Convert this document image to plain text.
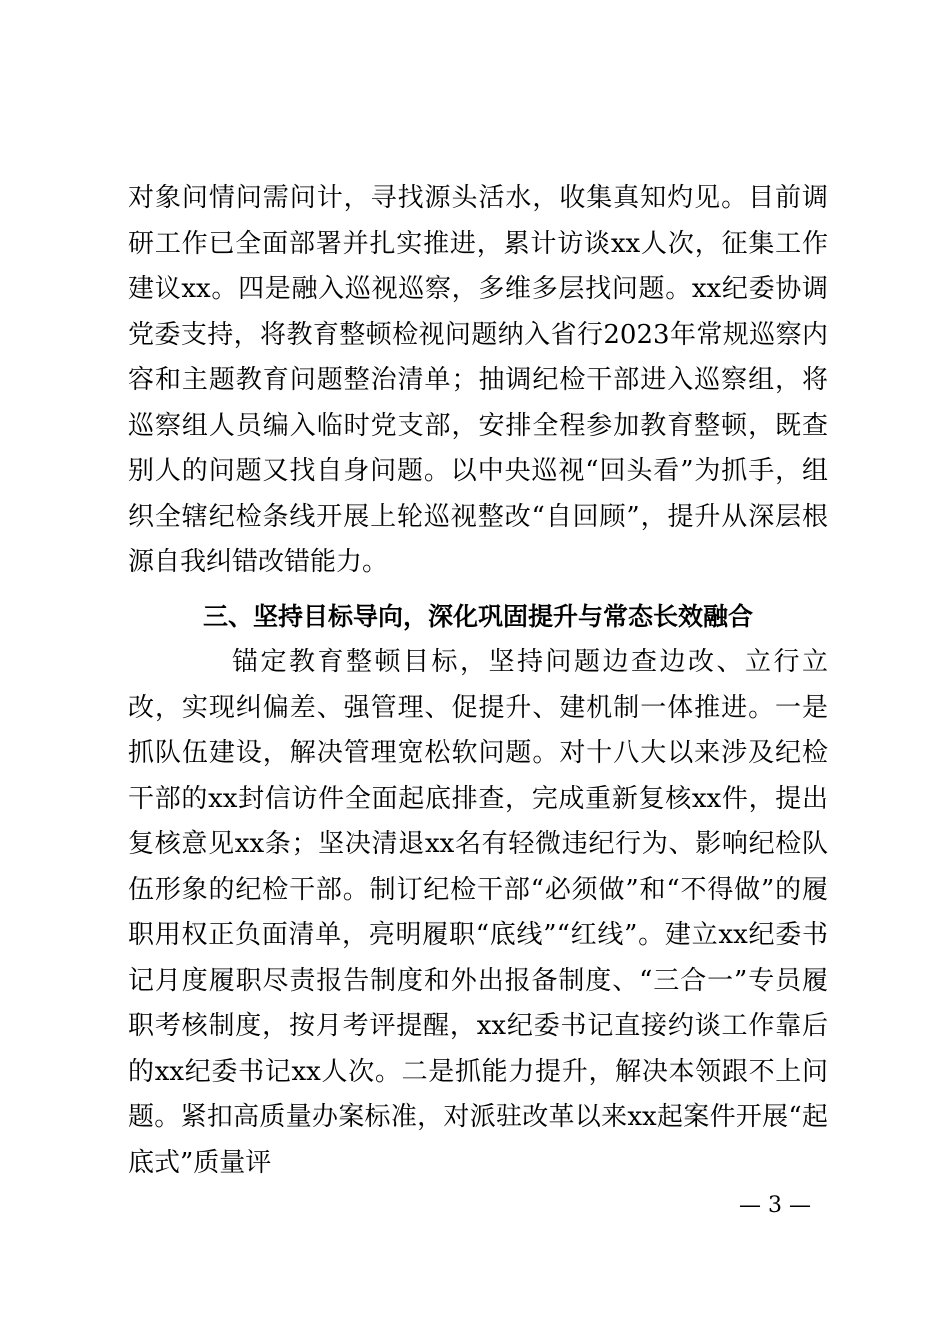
对象问情问需问计，寻找源头活水，收集真知灼见。目前调研工作已全面部署并扎实推进，累计访谈xx人次，征集工作建议xx。四是融入巡视巡察，多维多层找问题。xx纪委协调党委支持，将教育整顿检视问题纳入省行2023年常规巡察内容和主题教育问题整治清单；抽调纪检干部进入巡察组，将巡察组人员编入临时党支部，安排全程参加教育整顿，既查别人的问题又找自身问题。以中央巡视“回头看”为抓手，组织全辖纪检条线开展上轮巡视整改“自回顾”，提升从深层根源自我纠错改错能力。

三、坚持目标导向，深化巩固提升与常态长效融合

锚定教育整顿目标，坚持问题边查边改、立行立改，实现纠偏差、强管理、促提升、建机制一体推进。一是抓队伍建设，解决管理宽松软问题。对十八大以来涉及纪检干部的xx封信访件全面起底排查，完成重新复核xx件，提出复核意见xx条；坚决清退xx名有轻微违纪行为、影响纪检队伍形象的纪检干部。制订纪检干部“必须做”和“不得做”的履职用权正负面清单，亮明履职“底线”“红线”。建立xx纪委书记月度履职尽责报告制度和外出报备制度、“三合一”专员履职考核制度，按月考评提醒，xx纪委书记直接约谈工作靠后的xx纪委书记xx人次。二是抓能力提升，解决本领跟不上问题。紧扣高质量办案标准，对派驻改革以来xx起案件开展“起底式”质量评

— 3 —
